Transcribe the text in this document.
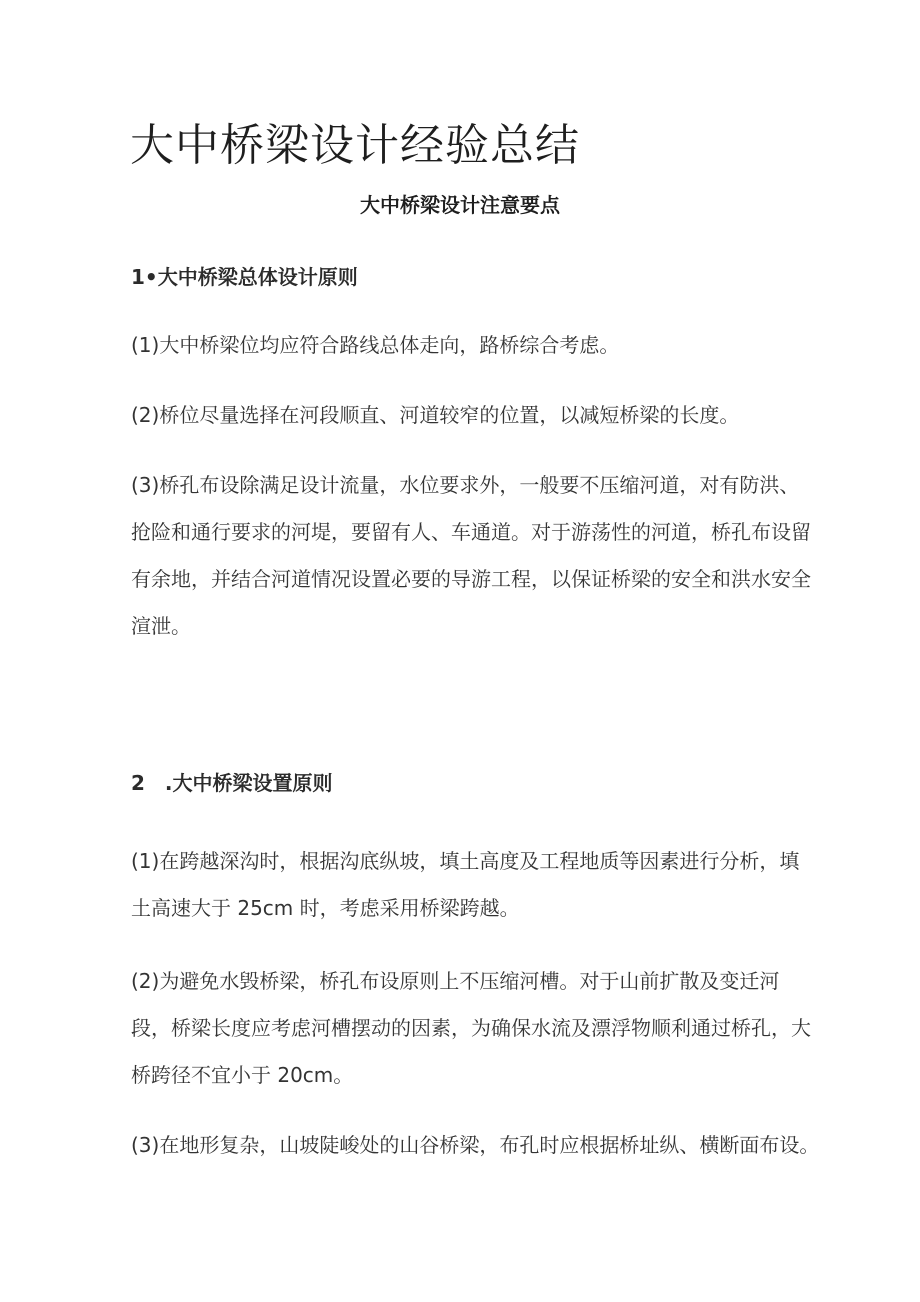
大中桥梁设计经验总结
大中桥梁设计注意要点
1•大中桥梁总体设计原则

(1)大中桥梁位均应符合路线总体走向，路桥综合考虑。

(2)桥位尽量选择在河段顺直、河道较窄的位置，以减短桥梁的长度。

(3)桥孔布设除满足设计流量，水位要求外，一般要不压缩河道，对有防洪、抢险和通行要求的河堤，要留有人、车通道。对于游荡性的河道，桥孔布设留有余地，并结合河道情况设置必要的导游工程，以保证桥梁的安全和洪水安全渲泄。

2　.大中桥梁设置原则

(1)在跨越深沟时，根据沟底纵坡，填土高度及工程地质等因素进行分析，填土高速大于 25cm 时，考虑采用桥梁跨越。

(2)为避免水毁桥梁，桥孔布设原则上不压缩河槽。对于山前扩散及变迁河段，桥梁长度应考虑河槽摆动的因素，为确保水流及漂浮物顺利通过桥孔，大桥跨径不宜小于 20cm。

(3)在地形复杂，山坡陡峻处的山谷桥梁，布孔时应根据桥址纵、横断面布设。
